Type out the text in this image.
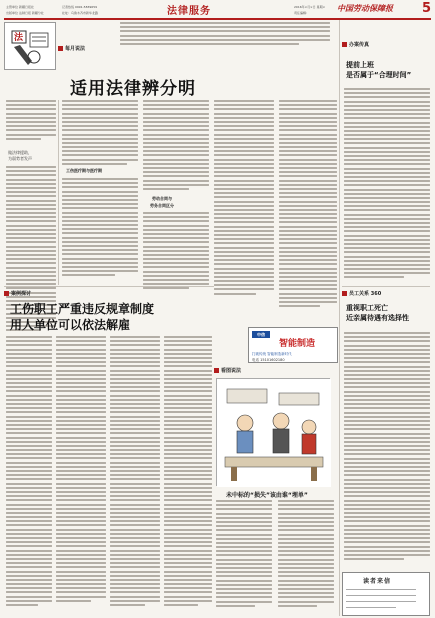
主管单位 新疆日报社
出版单位 法制日报 新疆分社
记者热线 0991-5839659
社址：乌鲁木齐市新华北路	法律服务	2016年×月×日 星期×
责任编辑：	中国劳动保障报 5
法
做法律援助，
为弱势者发声
每月说法
适用法律辨分明
工伤医疗期与医疗期
劳动合同与
劳务合同区分
中信
智能制造
打破传统 智能制造新时代
电话 15101602180
案例探讨
工伤职工严重违反规章制度
用人单位可以依法解雇
看图说法
未中标的“损失”该由谁“埋单”
办案传真
提前上班
是否属于“合理时间”
员工关系 360
重视职工死亡
近亲属待遇有选择性
读者来信
